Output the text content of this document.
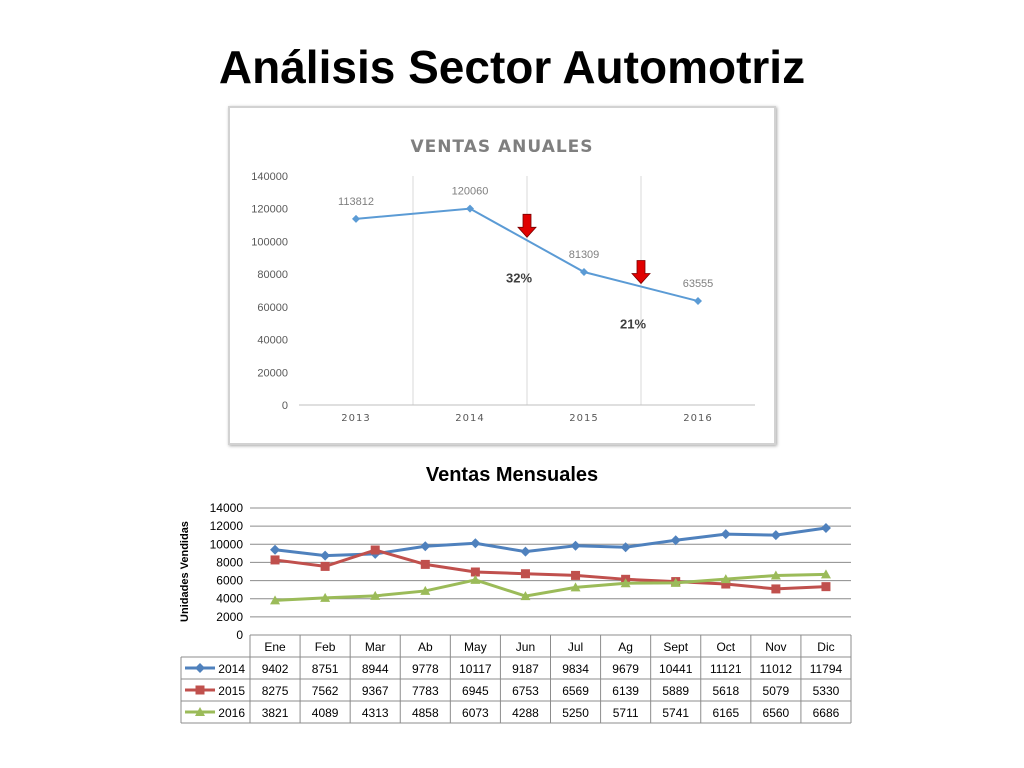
Análisis Sector Automotriz
VENTAS ANUALES
0
20000
40000
60000
80000
100000
120000
140000
2013	2014	2015	2016
113812
120060
81309
63555
32%
21%
Ventas Mensuales
0
2000
4000
6000
8000
10000
12000
14000
Unidades Vendidas
Ene Feb Mar	Ab	May Jun	Jul	Ag	Sept Oct	Nov	Dic
2014 9402 8751 8944 9778 10117 9187 9834 9679 10441 11121 11012 11794
2015 8275 7562 9367 7783 6945 6753 6569 6139 5889 5618 5079 5330
2016 3821 4089 4313 4858 6073 4288 5250 5711 5741 6165 6560 6686
